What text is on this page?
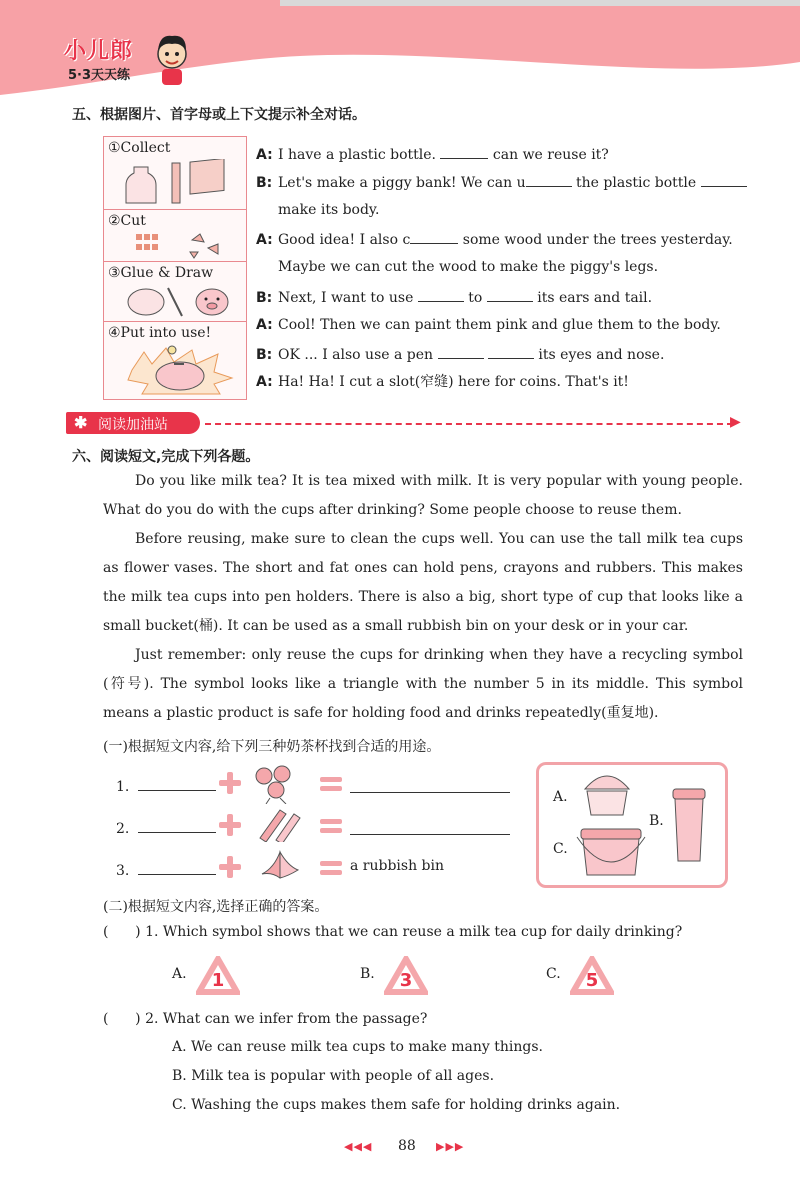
小儿郎
5·3天天练
五、根据图片、首字母或上下文提示补全对话。
①Collect
②Cut
③Glue & Draw
④Put into use!
A: I have a plastic bottle.	can we reuse it?
B: Let's make a piggy bank! We can u	the plastic bottle
make its body.
A: Good idea! I also c	some wood under the trees yesterday.
Maybe we can cut the wood to make the piggy's legs.
B: Next, I want to use	to	its ears and tail.
A: Cool! Then we can paint them pink and glue them to the body.
B: OK ... I also use a pen	its eyes and nose.
A: Ha! Ha! I cut a slot(窄缝) here for coins. That's it!
✱ 阅读加油站	▶
六、阅读短文,完成下列各题。

Do you like milk tea? It is tea mixed with milk. It is very popular with young people. What do you do with the cups after drinking? Some people choose to reuse them.

Before reusing, make sure to clean the cups well. You can use the tall milk tea cups as flower vases. The short and fat ones can hold pens, crayons and rubbers. This makes the milk tea cups into pen holders. There is also a big, short type of cup that looks like a small bucket(桶). It can be used as a small rubbish bin on your desk or in your car.

Just remember: only reuse the cups for drinking when they have a recycling symbol (符号). The symbol looks like a triangle with the number 5 in its middle. This symbol means a plastic product is safe for holding food and drinks repeatedly(重复地).

(一)根据短文内容,给下列三种奶茶杯找到合适的用途。
1.
2.
3.	a rubbish bin
A.
B.
C.
(二)根据短文内容,选择正确的答案。
(      ) 1. Which symbol shows that we can reuse a milk tea cup for daily drinking?
A. 1	B. 3	C. 5
(      ) 2. What can we infer from the passage?
A. We can reuse milk tea cups to make many things.
B. Milk tea is popular with people of all ages.
C. Washing the cups makes them safe for holding drinks again.
◀◀◀ 88 ▶▶▶
